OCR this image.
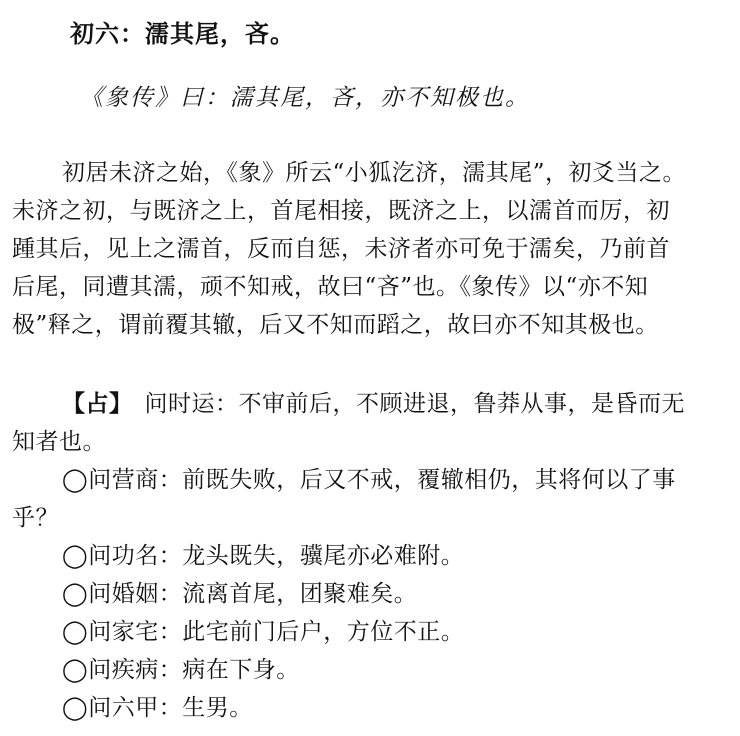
初六：濡其尾，吝。
《象传》曰：濡其尾，吝，亦不知极也。
初居未济之始，《象》所云“小狐汔济，濡其尾”，初爻当之。
未济之初，与既济之上，首尾相接，既济之上，以濡首而厉，初
踵其后，见上之濡首，反而自惩，未济者亦可免于濡矣，乃前首
后尾，同遭其濡，顽不知戒，故曰“吝”也。《象传》以“亦不知
极”释之，谓前覆其辙，后又不知而蹈之，故曰亦不知其极也。
【占】 问时运：不审前后，不顾进退，鲁莽从事，是昏而无
知者也。
◯问营商：前既失败，后又不戒，覆辙相仍，其将何以了事
乎？
◯问功名：龙头既失，骥尾亦必难附。
◯问婚姻：流离首尾，团聚难矣。
◯问家宅：此宅前门后户，方位不正。
◯问疾病：病在下身。
◯问六甲：生男。
